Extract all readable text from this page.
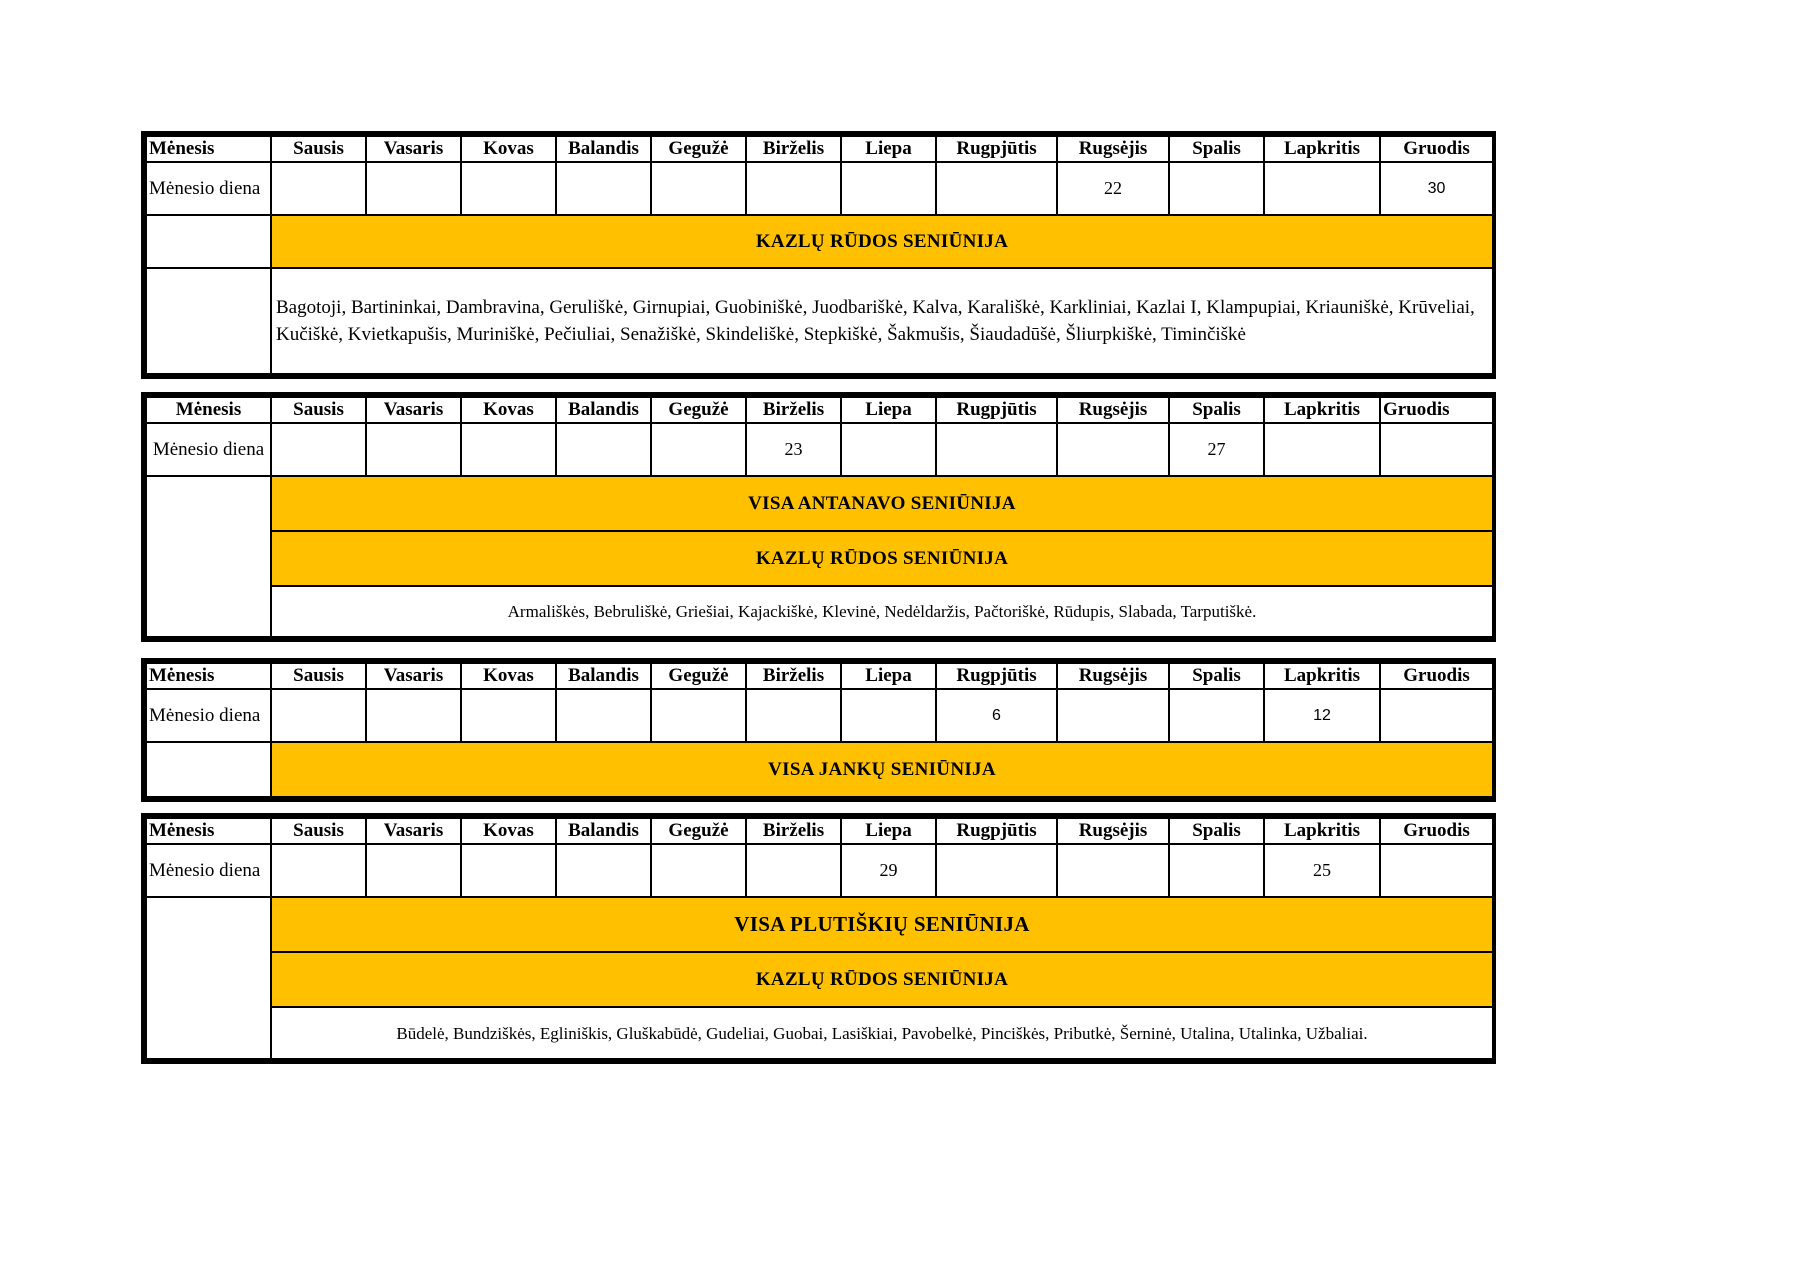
Mėnesis	Sausis	Vasaris	Kovas	Balandis	Gegužė	Birželis	Liepa	Rugpjūtis	Rugsėjis	Spalis	Lapkritis	Gruodis
Mėnesio diena									22			30
	KAZLŲ RŪDOS SENIŪNIJA											
	Bagotoji, Bartininkai, Dambravina, Geruliškė, Girnupiai, Guobiniškė, Juodbariškė, Kalva, Karališkė, Karkliniai, Kazlai I, Klampupiai, Kriauniškė, Krūveliai, Kučiškė, Kvietkapušis, Muriniškė, Pečiuliai, Senažiškė, Skindeliškė, Stepkiškė, Šakmušis, Šiaudadūšė, Šliurpkiškė, Timinčiškė											
Mėnesis	Sausis	Vasaris	Kovas	Balandis	Gegužė	Birželis	Liepa	Rugpjūtis	Rugsėjis	Spalis	Lapkritis	Gruodis
Mėnesio diena						23				27		
	VISA ANTANAVO SENIŪNIJA											
	KAZLŲ RŪDOS SENIŪNIJA											
	Armališkės, Bebruliškė, Griešiai, Kajackiškė, Klevinė, Nedėldaržis, Pačtoriškė, Rūdupis, Slabada, Tarputiškė.											
Mėnesis	Sausis	Vasaris	Kovas	Balandis	Gegužė	Birželis	Liepa	Rugpjūtis	Rugsėjis	Spalis	Lapkritis	Gruodis
Mėnesio diena								6			12	
	VISA JANKŲ SENIŪNIJA											
Mėnesis	Sausis	Vasaris	Kovas	Balandis	Gegužė	Birželis	Liepa	Rugpjūtis	Rugsėjis	Spalis	Lapkritis	Gruodis
Mėnesio diena							29				25	
	VISA PLUTIŠKIŲ SENIŪNIJA											
	KAZLŲ RŪDOS SENIŪNIJA											
	Būdelė, Bundziškės, Egliniškis, Gluškabūdė, Gudeliai, Guobai, Lasiškiai, Pavobelkė, Pinciškės, Pributkė, Šerninė, Utalina, Utalinka, Užbaliai.											
